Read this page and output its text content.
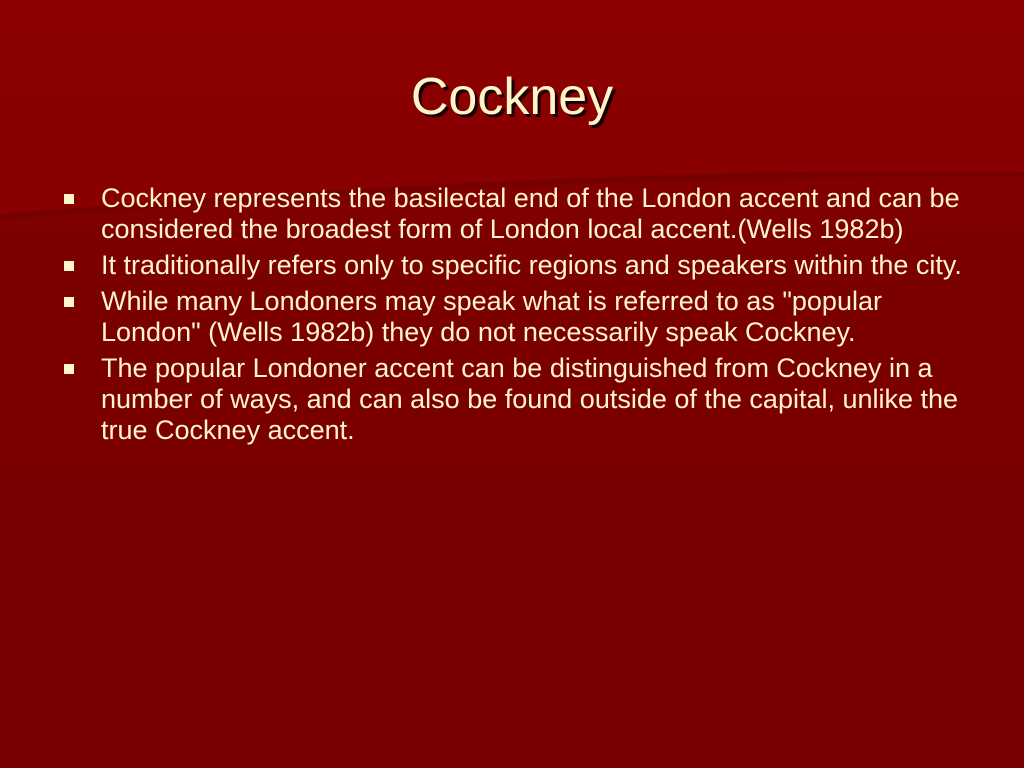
Cockney
Cockney represents the basilectal end of the London accent and can be considered the broadest form of London local accent.(Wells 1982b)
It traditionally refers only to specific regions and speakers within the city.
While many Londoners may speak what is referred to as "popular London" (Wells 1982b) they do not necessarily speak Cockney.
The popular Londoner accent can be distinguished from Cockney in a number of ways, and can also be found outside of the capital, unlike the true Cockney accent.
